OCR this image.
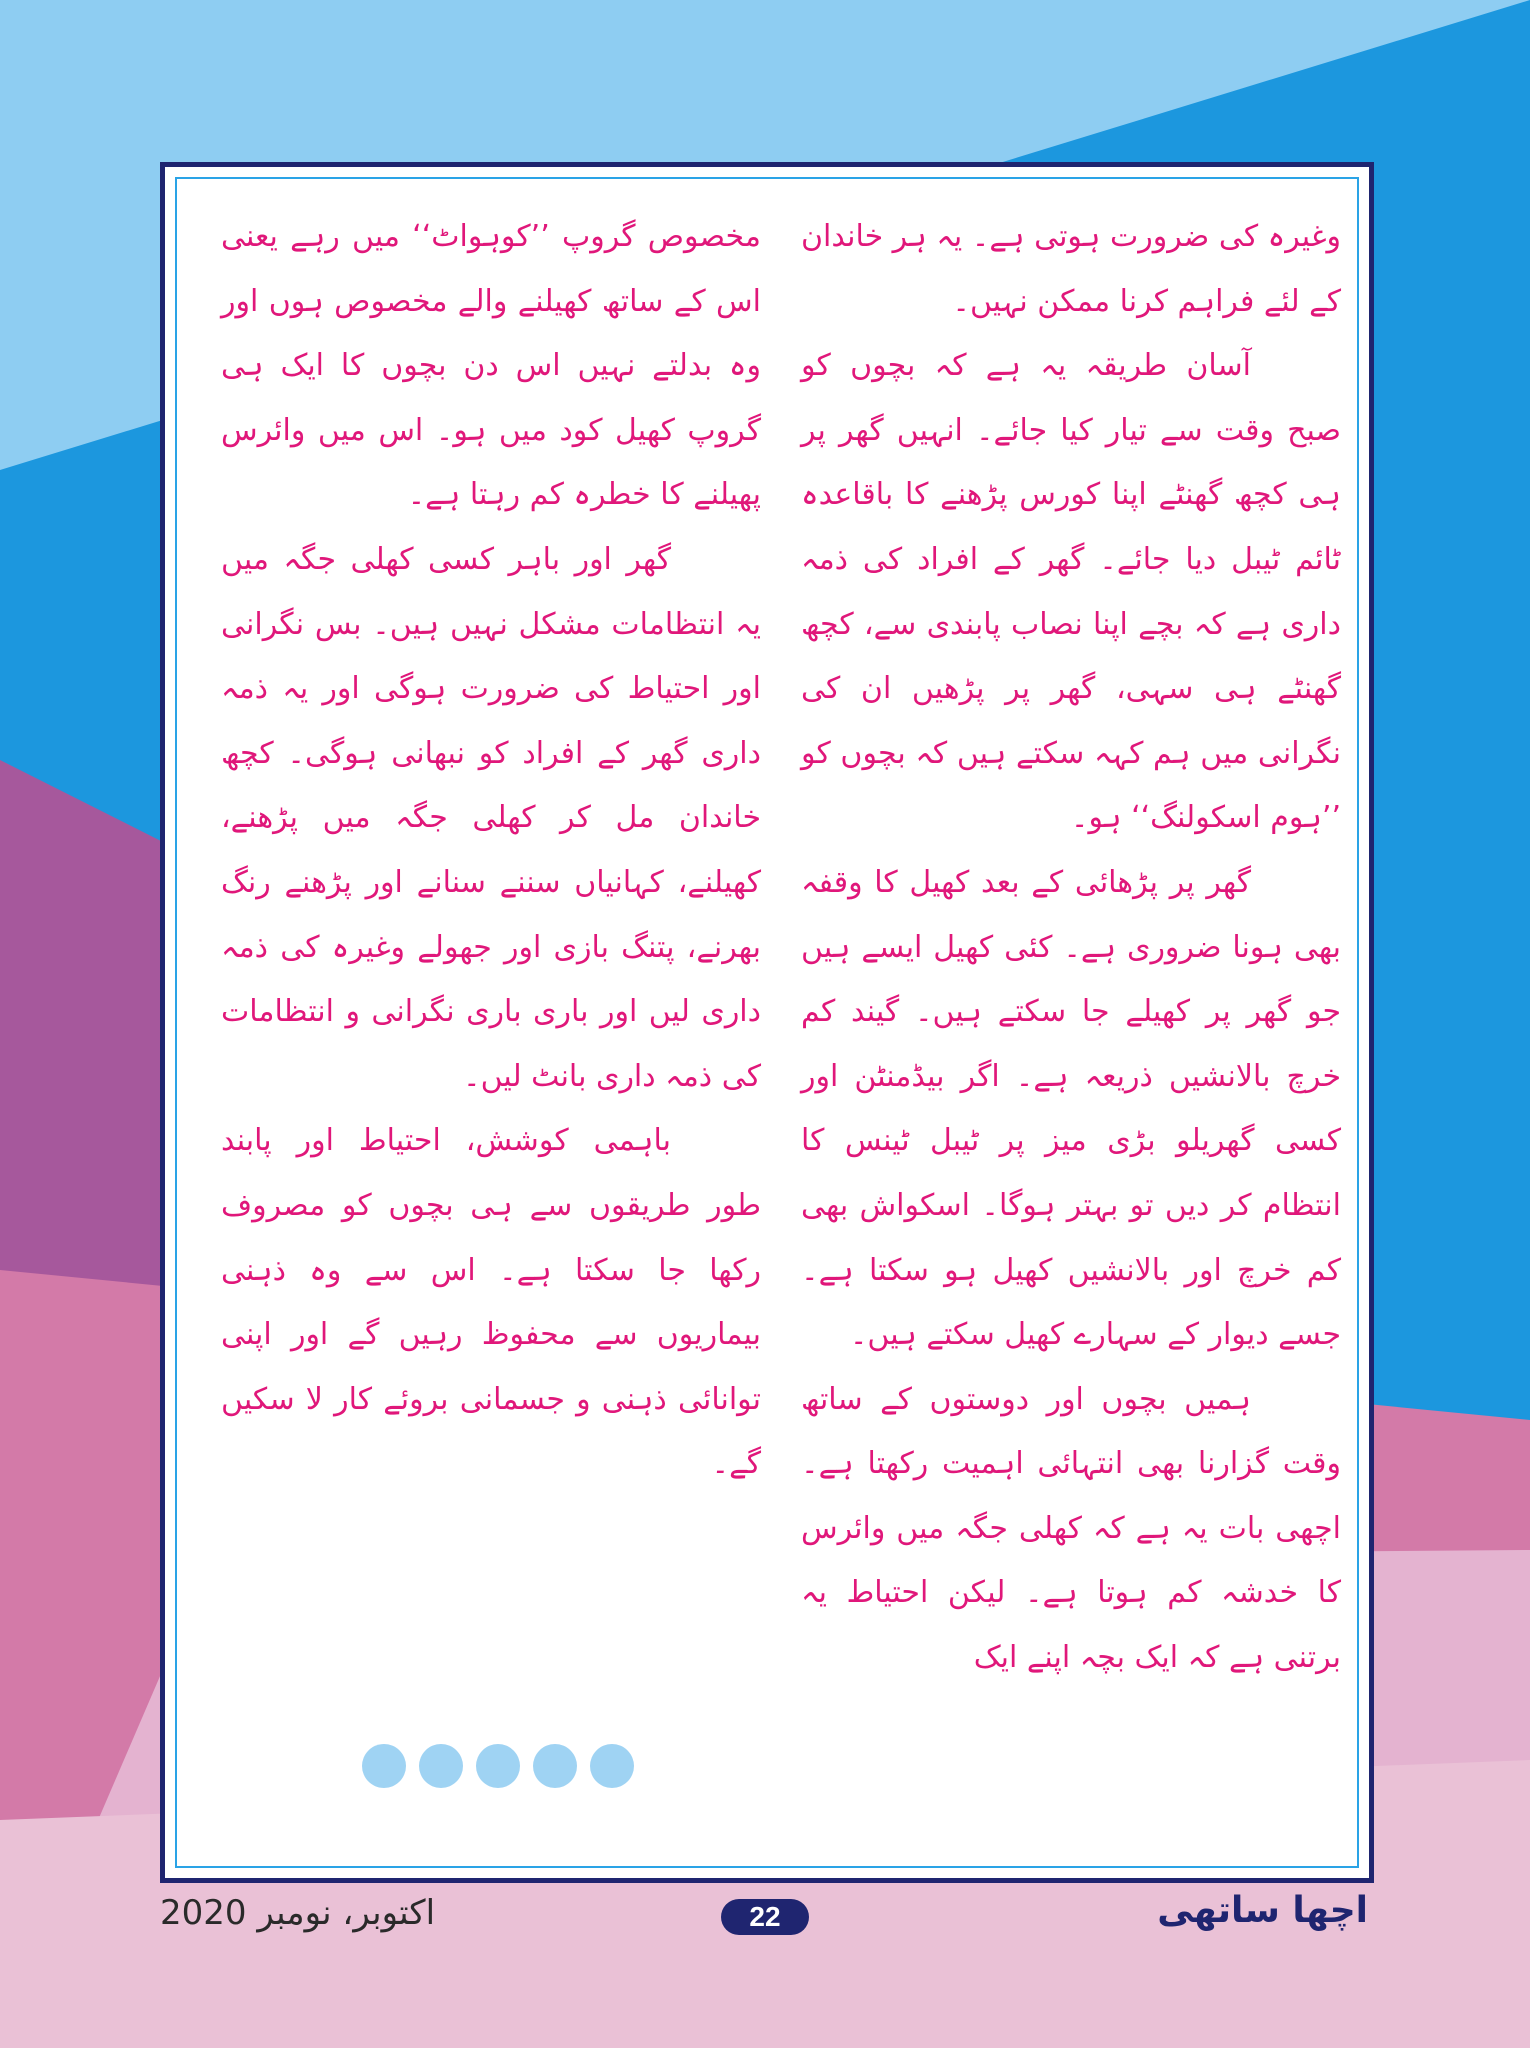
وغیرہ کی ضرورت ہوتی ہے۔ یہ ہر خاندان کے لئے فراہم کرنا ممکن نہیں۔

آسان طریقہ یہ ہے کہ بچوں کو صبح وقت سے تیار کیا جائے۔ انہیں گھر پر ہی کچھ گھنٹے اپنا کورس پڑھنے کا باقاعدہ ٹائم ٹیبل دیا جائے۔ گھر کے افراد کی ذمہ داری ہے کہ بچے اپنا نصاب پابندی سے، کچھ گھنٹے ہی سہی، گھر پر پڑھیں ان کی نگرانی میں ہم کہہ سکتے ہیں کہ بچوں کو ’’ہوم اسکولنگ‘‘ ہو۔

گھر پر پڑھائی کے بعد کھیل کا وقفہ بھی ہونا ضروری ہے۔ کئی کھیل ایسے ہیں جو گھر پر کھیلے جا سکتے ہیں۔ گیند کم خرچ بالانشیں ذریعہ ہے۔ اگر بیڈمنٹن اور کسی گھریلو بڑی میز پر ٹیبل ٹینس کا انتظام کر دیں تو بہتر ہوگا۔ اسکواش بھی کم خرچ اور بالانشیں کھیل ہو سکتا ہے۔ جسے دیوار کے سہارے کھیل سکتے ہیں۔

ہمیں بچوں اور دوستوں کے ساتھ وقت گزارنا بھی انتہائی اہمیت رکھتا ہے۔ اچھی بات یہ ہے کہ کھلی جگہ میں وائرس کا خدشہ کم ہوتا ہے۔ لیکن احتیاط یہ برتنی ہے کہ ایک بچہ اپنے ایک

مخصوص گروپ ’’کوہواٹ‘‘ میں رہے یعنی اس کے ساتھ کھیلنے والے مخصوص ہوں اور وہ بدلتے نہیں اس دن بچوں کا ایک ہی گروپ کھیل کود میں ہو۔ اس میں وائرس پھیلنے کا خطرہ کم رہتا ہے۔

گھر اور باہر کسی کھلی جگہ میں یہ انتظامات مشکل نہیں ہیں۔ بس نگرانی اور احتیاط کی ضرورت ہوگی اور یہ ذمہ داری گھر کے افراد کو نبھانی ہوگی۔ کچھ خاندان مل کر کھلی جگہ میں پڑھنے، کھیلنے، کہانیاں سننے سنانے اور پڑھنے رنگ بھرنے، پتنگ بازی اور جھولے وغیرہ کی ذمہ داری لیں اور باری باری نگرانی و انتظامات کی ذمہ داری بانٹ لیں۔

باہمی کوشش، احتیاط اور پابند طور طریقوں سے ہی بچوں کو مصروف رکھا جا سکتا ہے۔ اس سے وہ ذہنی بیماریوں سے محفوظ رہیں گے اور اپنی توانائی ذہنی و جسمانی بروئے کار لا سکیں گے۔

اکتوبر، نومبر 2020	22	اچھا ساتھی
